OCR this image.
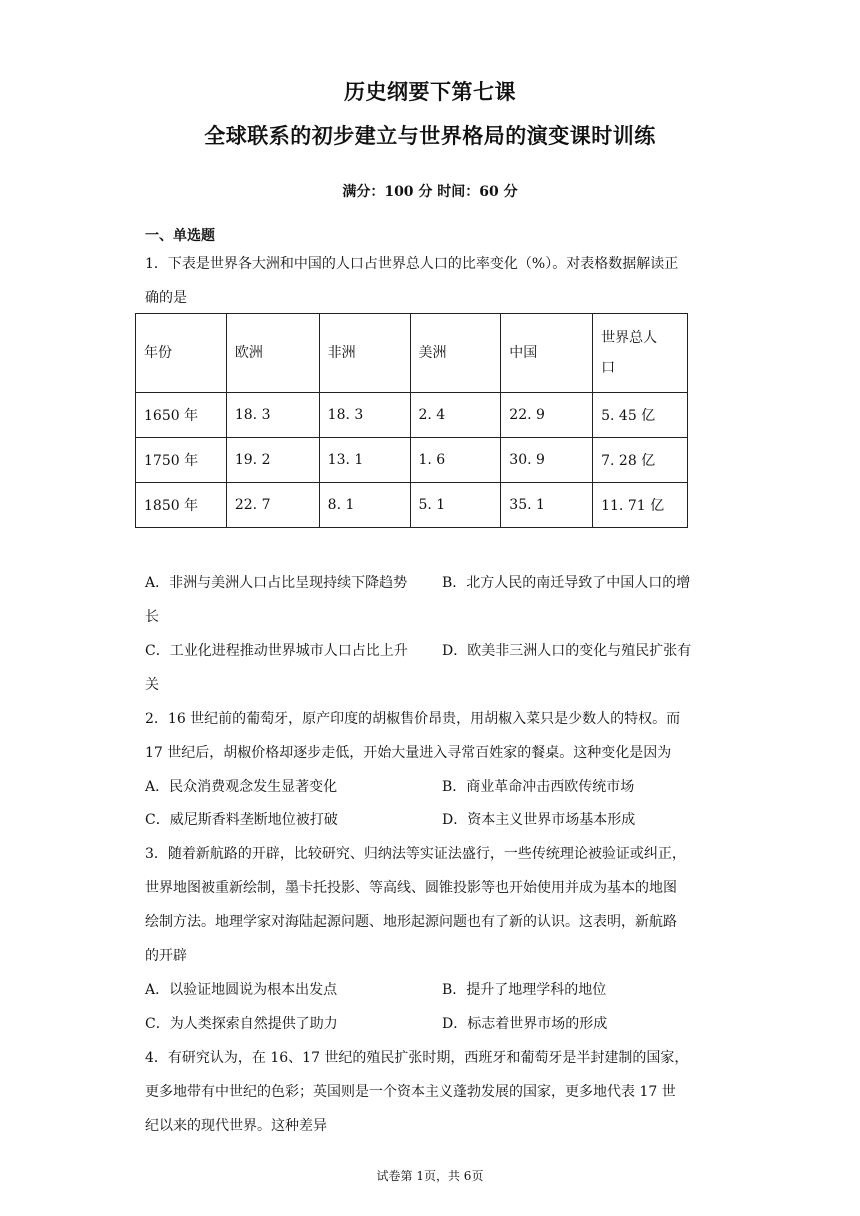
历史纲要下第七课
全球联系的初步建立与世界格局的演变课时训练
满分：100 分 时间：60 分
一、单选题
1．下表是世界各大洲和中国的人口占世界总人口的比率变化（%）。对表格数据解读正
确的是
年份	欧洲	非洲	美洲	中国	世界总人口
1650 年	18. 3	18. 3	2. 4	22. 9	5. 45 亿
1750 年	19. 2	13. 1	1. 6	30. 9	7. 28 亿
1850 年	22. 7	8. 1	5. 1	35. 1	11. 71 亿
A．非洲与美洲人口占比呈现持续下降趋势 B．北方人民的南迁导致了中国人口的增
长
C．工业化进程推动世界城市人口占比上升 D．欧美非三洲人口的变化与殖民扩张有
关
2．16 世纪前的葡萄牙，原产印度的胡椒售价昂贵，用胡椒入菜只是少数人的特权。而
17 世纪后，胡椒价格却逐步走低，开始大量进入寻常百姓家的餐桌。这种变化是因为
A．民众消费观念发生显著变化	B．商业革命冲击西欧传统市场
C．威尼斯香料垄断地位被打破	D．资本主义世界市场基本形成
3．随着新航路的开辟，比较研究、归纳法等实证法盛行，一些传统理论被验证或纠正，
世界地图被重新绘制，墨卡托投影、等高线、圆锥投影等也开始使用并成为基本的地图
绘制方法。地理学家对海陆起源问题、地形起源问题也有了新的认识。这表明，新航路
的开辟
A．以验证地圆说为根本出发点	B．提升了地理学科的地位
C．为人类探索自然提供了助力	D．标志着世界市场的形成
4．有研究认为，在 16、17 世纪的殖民扩张时期，西班牙和葡萄牙是半封建制的国家，
更多地带有中世纪的色彩；英国则是一个资本主义蓬勃发展的国家，更多地代表 17 世
纪以来的现代世界。这种差异
试卷第 1页，共 6页
